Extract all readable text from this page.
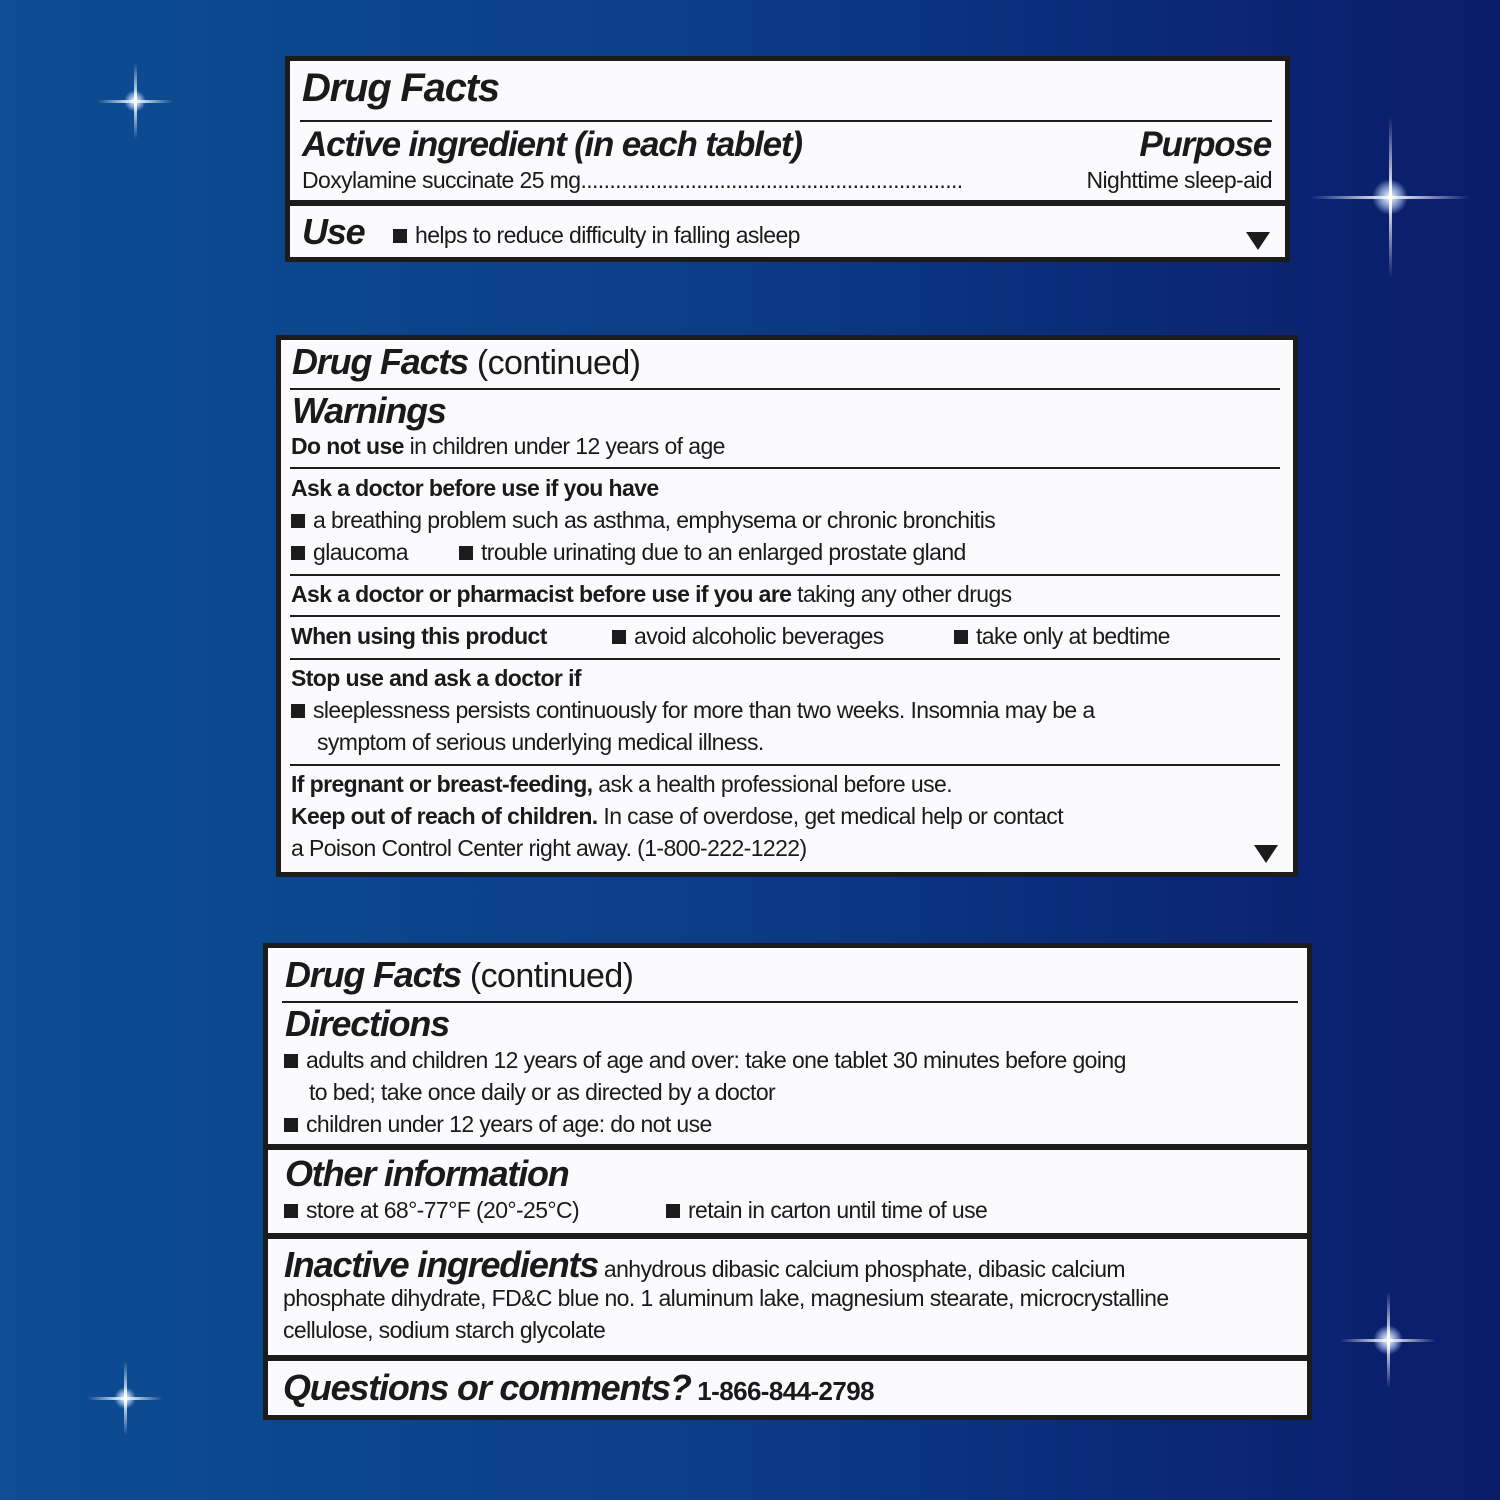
Drug Facts
Active ingredient (in each tablet)	Purpose
Doxylamine succinate 25 mg ..................................................................	Nighttime sleep-aid
Use	helps to reduce difficulty in falling asleep
Drug Facts (continued)
Warnings
Do not use in children under 12 years of age
Ask a doctor before use if you have
a breathing problem such as asthma, emphysema or chronic bronchitis
glaucoma	trouble urinating due to an enlarged prostate gland
Ask a doctor or pharmacist before use if you are taking any other drugs
When using this product	avoid alcoholic beverages	take only at bedtime
Stop use and ask a doctor if
sleeplessness persists continuously for more than two weeks. Insomnia may be a
symptom of serious underlying medical illness.
If pregnant or breast-feeding, ask a health professional before use.
Keep out of reach of children. In case of overdose, get medical help or contact
a Poison Control Center right away. (1-800-222-1222)
Drug Facts (continued)
Directions
adults and children 12 years of age and over: take one tablet 30 minutes before going
to bed; take once daily or as directed by a doctor
children under 12 years of age: do not use
Other information
store at 68°-77°F (20°-25°C)	retain in carton until time of use
Inactive ingredients anhydrous dibasic calcium phosphate, dibasic calcium
phosphate dihydrate, FD&C blue no. 1 aluminum lake, magnesium stearate, microcrystalline
cellulose, sodium starch glycolate
Questions or comments? 1-866-844-2798
